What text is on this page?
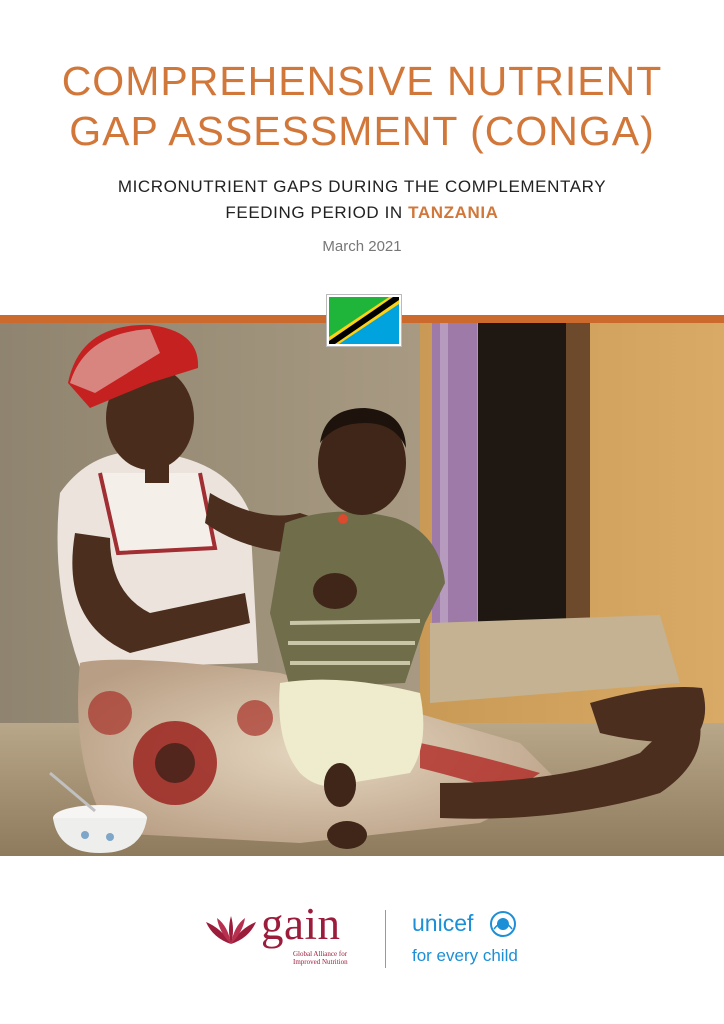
COMPREHENSIVE NUTRIENT
GAP ASSESSMENT (CONGA)
MICRONUTRIENT GAPS DURING THE COMPLEMENTARY
FEEDING PERIOD IN TANZANIA
March 2021
gain
Global Alliance for
Improved Nutrition
unicef
for every child
